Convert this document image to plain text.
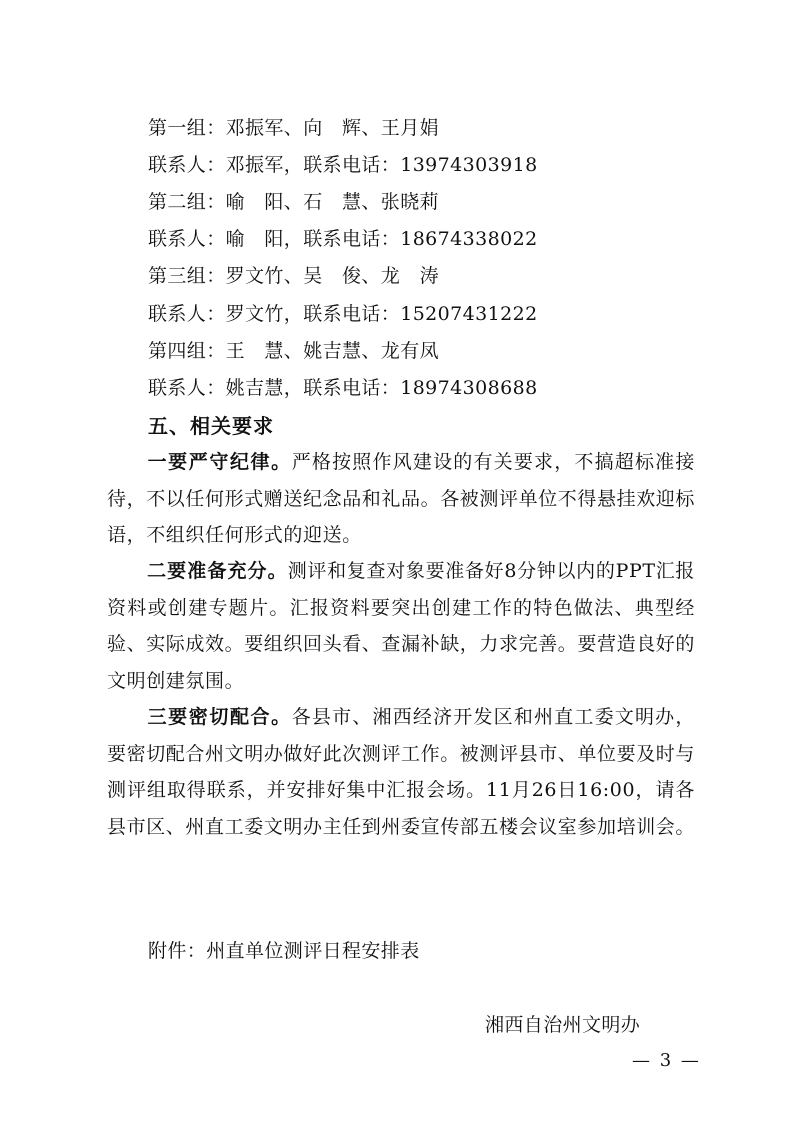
第一组：邓振军、向　辉、王月娟
联系人：邓振军，联系电话：13974303918
第二组：喻　阳、石　慧、张晓莉
联系人：喻　阳，联系电话：18674338022
第三组：罗文竹、吴　俊、龙　涛
联系人：罗文竹，联系电话：15207431222
第四组：王　慧、姚吉慧、龙有凤
联系人：姚吉慧，联系电话：18974308688
五、相关要求
一要严守纪律。严格按照作风建设的有关要求，不搞超标准接待，不以任何形式赠送纪念品和礼品。各被测评单位不得悬挂欢迎标语，不组织任何形式的迎送。
二要准备充分。测评和复查对象要准备好8分钟以内的PPT汇报资料或创建专题片。汇报资料要突出创建工作的特色做法、典型经验、实际成效。要组织回头看、查漏补缺，力求完善。要营造良好的文明创建氛围。
三要密切配合。各县市、湘西经济开发区和州直工委文明办，要密切配合州文明办做好此次测评工作。被测评县市、单位要及时与测评组取得联系，并安排好集中汇报会场。11月26日16:00，请各县市区、州直工委文明办主任到州委宣传部五楼会议室参加培训会。
附件：州直单位测评日程安排表
湘西自治州文明办
— 3 —
